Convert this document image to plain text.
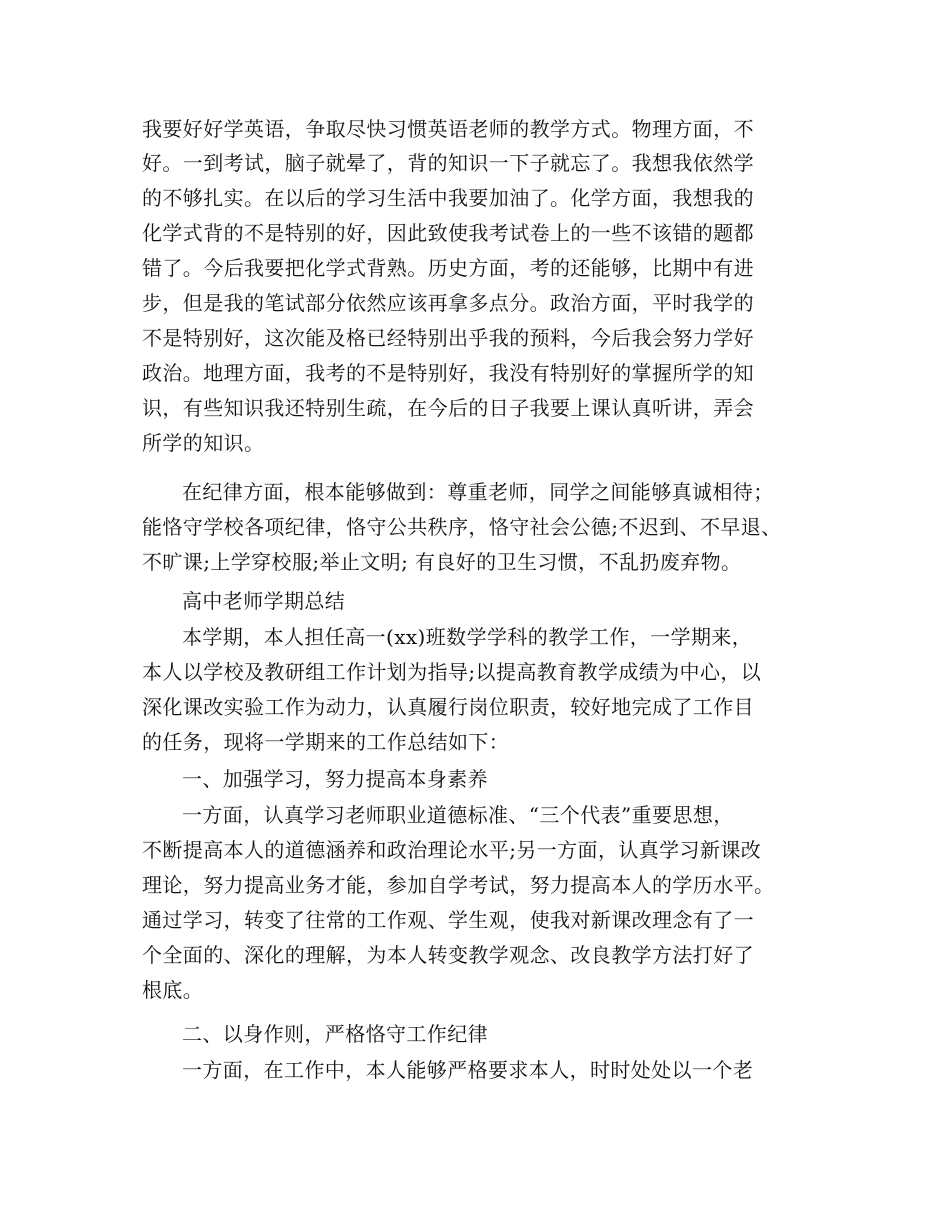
我要好好学英语，争取尽快习惯英语老师的教学方式。物理方面，不
好。一到考试，脑子就晕了，背的知识一下子就忘了。我想我依然学
的不够扎实。在以后的学习生活中我要加油了。化学方面，我想我的
化学式背的不是特别的好，因此致使我考试卷上的一些不该错的题都
错了。今后我要把化学式背熟。历史方面，考的还能够，比期中有进
步，但是我的笔试部分依然应该再拿多点分。政治方面，平时我学的
不是特别好，这次能及格已经特别出乎我的预料，今后我会努力学好
政治。地理方面，我考的不是特别好，我没有特别好的掌握所学的知
识，有些知识我还特别生疏，在今后的日子我要上课认真听讲，弄会
所学的知识。
在纪律方面，根本能够做到：尊重老师，同学之间能够真诚相待；
能恪守学校各项纪律，恪守公共秩序，恪守社会公德;不迟到、不早退、
不旷课;上学穿校服;举止文明; 有良好的卫生习惯，不乱扔废弃物。
高中老师学期总结
本学期，本人担任高一(xx)班数学学科的教学工作，一学期来，
本人以学校及教研组工作计划为指导;以提高教育教学成绩为中心，以
深化课改实验工作为动力，认真履行岗位职责，较好地完成了工作目
的任务，现将一学期来的工作总结如下：
一、加强学习，努力提高本身素养
一方面，认真学习老师职业道德标准、“三个代表”重要思想，
不断提高本人的道德涵养和政治理论水平;另一方面，认真学习新课改
理论，努力提高业务才能，参加自学考试，努力提高本人的学历水平。
通过学习，转变了往常的工作观、学生观，使我对新课改理念有了一
个全面的、深化的理解，为本人转变教学观念、改良教学方法打好了
根底。
二、以身作则，严格恪守工作纪律
一方面，在工作中，本人能够严格要求本人，时时处处以一个老
